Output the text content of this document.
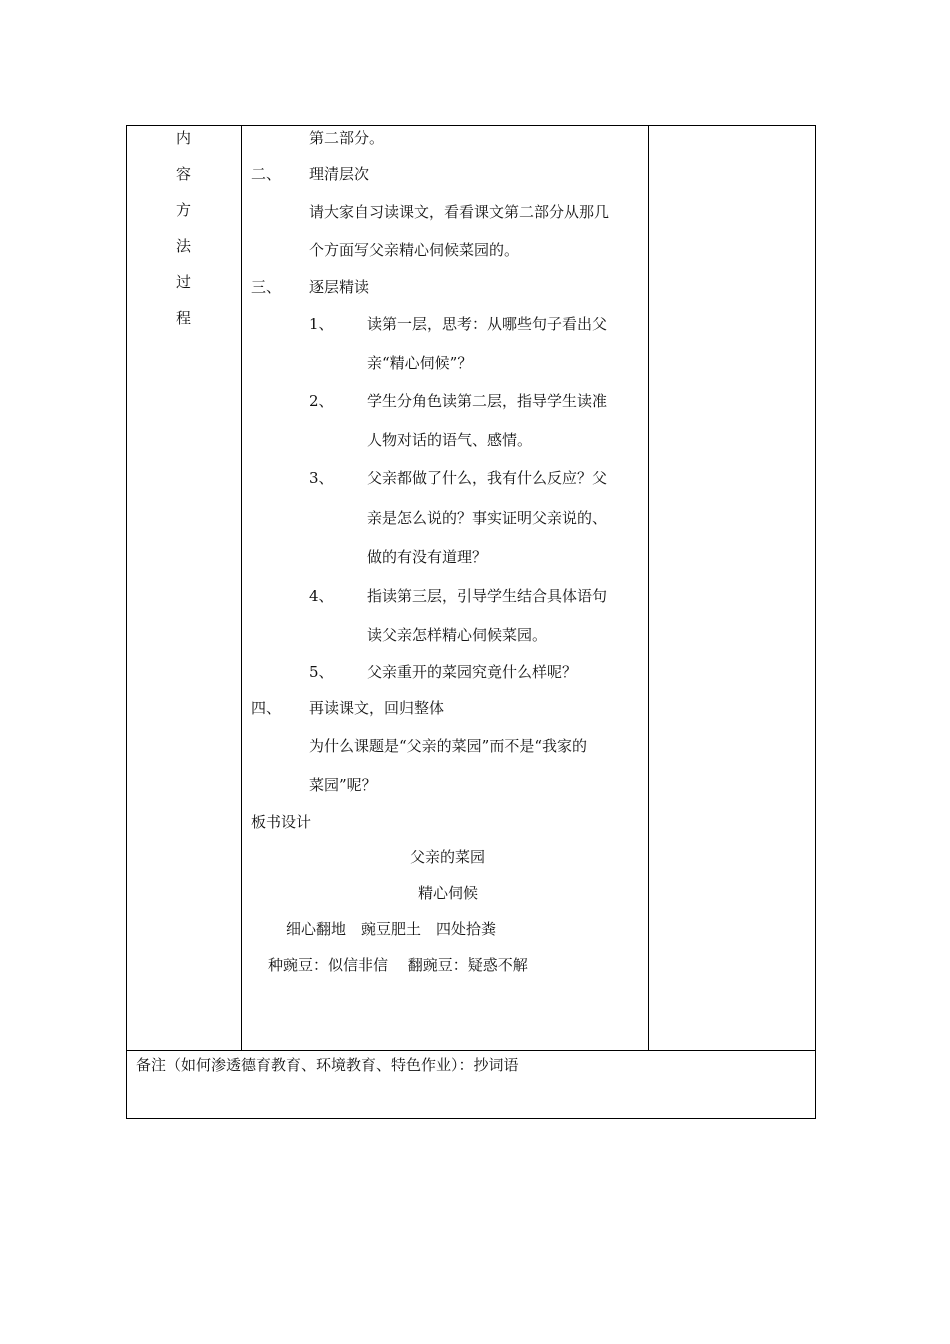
内
容
方
法
过
程
第二部分。
二、 理清层次
请大家自习读课文，看看课文第二部分从那几
个方面写父亲精心伺候菜园的。
三、 逐层精读
1、 读第一层，思考：从哪些句子看出父
亲“精心伺候”？
2、 学生分角色读第二层，指导学生读准
人物对话的语气、感情。
3、 父亲都做了什么，我有什么反应？父
亲是怎么说的？事实证明父亲说的、
做的有没有道理？
4、 指读第三层，引导学生结合具体语句
读父亲怎样精心伺候菜园。
5、 父亲重开的菜园究竟什么样呢？
四、 再读课文，回归整体
为什么课题是“父亲的菜园”而不是“我家的
菜园”呢？
板书设计
父亲的菜园
精心伺候
细心翻地　豌豆肥土　四处拾粪
种豌豆：似信非信　 翻豌豆：疑惑不解
备注（如何渗透德育教育、环境教育、特色作业）：抄词语
